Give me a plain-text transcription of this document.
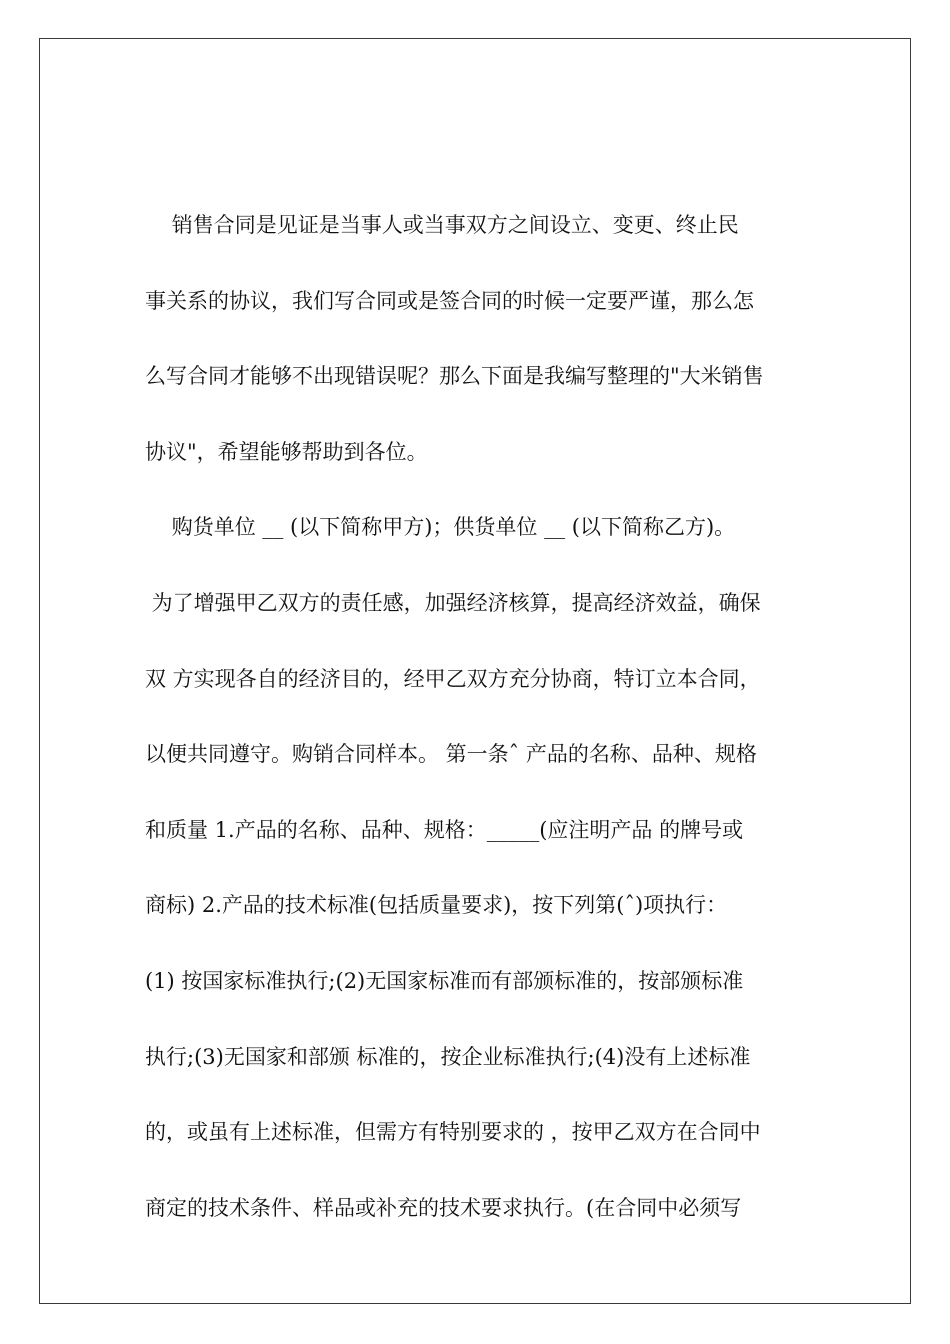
销售合同是见证是当事人或当事双方之间设立、变更、终止民
事关系的协议，我们写合同或是签合同的时候一定要严谨，那么怎
么写合同才能够不出现错误呢？那么下面是我编写整理的"大米销售
协议"，希望能够帮助到各位。
购货单位 __ (以下简称甲方)；供货单位 __ (以下简称乙方)。
为了增强甲乙双方的责任感，加强经济核算，提高经济效益，确保
双 方实现各自的经济目的，经甲乙双方充分协商，特订立本合同，
以便共同遵守。购销合同样本。 第一条ˆ 产品的名称、品种、规格
和质量 1.产品的名称、品种、规格：_____(应注明产品 的牌号或
商标) 2.产品的技术标准(包括质量要求)，按下列第(ˆ)项执行：
(1) 按国家标准执行;(2)无国家标准而有部颁标准的，按部颁标准
执行;(3)无国家和部颁 标准的，按企业标准执行;(4)没有上述标准
的，或虽有上述标准，但需方有特别要求的 ，按甲乙双方在合同中
商定的技术条件、样品或补充的技术要求执行。(在合同中必须写
